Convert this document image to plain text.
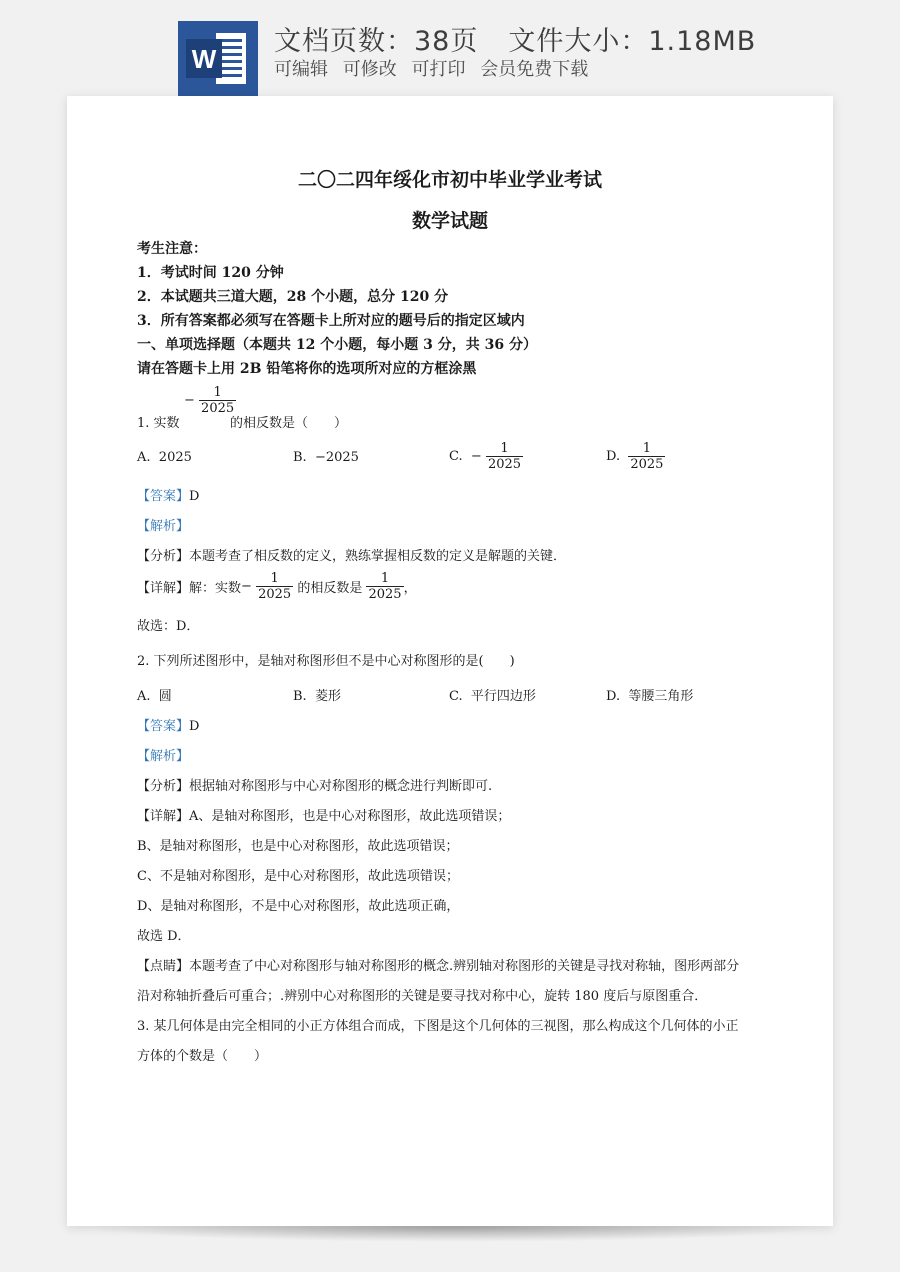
W
文档页数：38页 文件大小：1.18MB
可编辑 可修改 可打印 会员免费下载
二〇二四年绥化市初中毕业学业考试
数学试题
考生注意：
1．考试时间 120 分钟
2．本试题共三道大题，28 个小题，总分 120 分
3．所有答案都必须写在答题卡上所对应的题号后的指定区域内
一、单项选择题（本题共 12 个小题，每小题 3 分，共 36 分）
请在答题卡上用 2B 铅笔将你的选项所对应的方框涂黑
− $\frac{1}{2025}$
1. 实数	的相反数是（　　）
A. 2025	B. −2025	C. − $\frac{1}{2025}$	D. $\frac{1}{2025}$
【答案】D
【解析】
【分析】本题考查了相反数的定义，熟练掌握相反数的定义是解题的关键．
【详解】解：实数− $\frac{1}{2025}$ 的相反数是 $\frac{1}{2025}$ ，
故选：D．
2. 下列所述图形中，是轴对称图形但不是中心对称图形的是(　　)
A. 圆	B. 菱形	C. 平行四边形	D. 等腰三角形
【答案】D
【解析】
【分析】根据轴对称图形与中心对称图形的概念进行判断即可.
【详解】A、是轴对称图形，也是中心对称图形，故此选项错误；
B、是轴对称图形，也是中心对称图形，故此选项错误；
C、不是轴对称图形，是中心对称图形，故此选项错误；
D、是轴对称图形，不是中心对称图形，故此选项正确，
故选 D．
【点睛】本题考查了中心对称图形与轴对称图形的概念.辨别轴对称图形的关键是寻找对称轴，图形两部分
沿对称轴折叠后可重合；.辨别中心对称图形的关键是要寻找对称中心，旋转 180 度后与原图重合．
3. 某几何体是由完全相同的小正方体组合而成，下图是这个几何体的三视图，那么构成这个几何体的小正
方体的个数是（　　）
